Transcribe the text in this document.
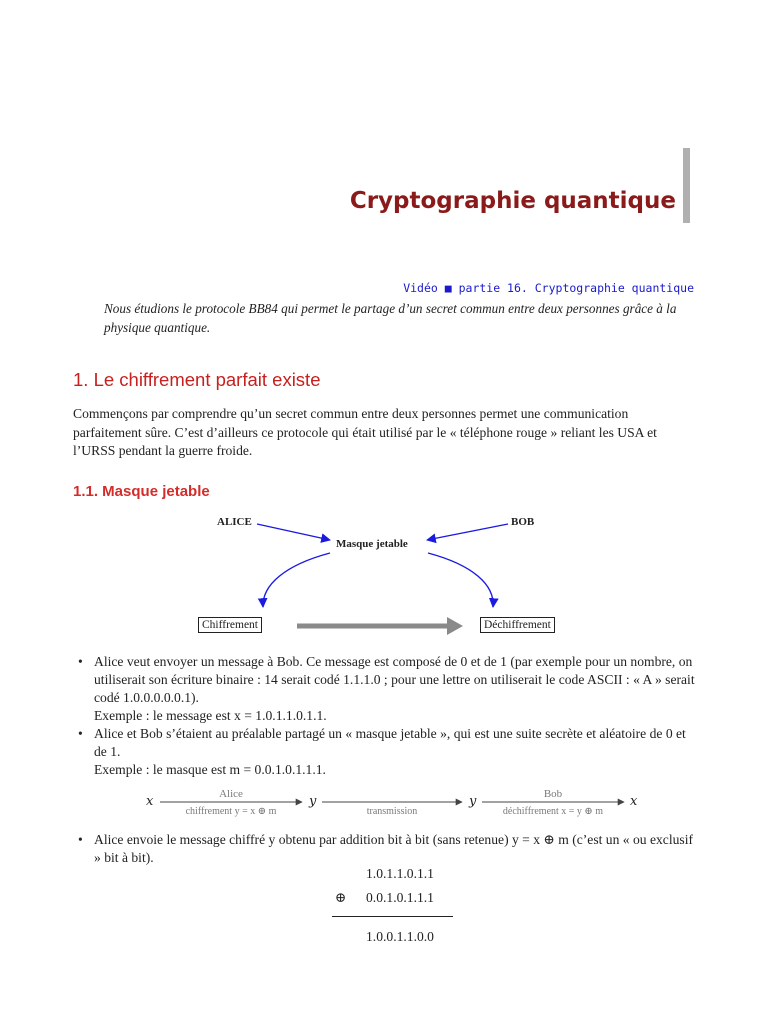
Cryptographie quantique
Vidéo ■ partie 16. Cryptographie quantique
Nous étudions le protocole BB84 qui permet le partage d’un secret commun entre deux personnes grâce à la physique quantique.
1. Le chiffrement parfait existe
Commençons par comprendre qu’un secret commun entre deux personnes permet une communication parfaitement sûre. C’est d’ailleurs ce protocole qui était utilisé par le « téléphone rouge » reliant les USA et l’URSS pendant la guerre froide.
1.1. Masque jetable
ALICE	BOB
Masque jetable
Chiffrement	Déchiffrement
• Alice veut envoyer un message à Bob. Ce message est composé de 0 et de 1 (par exemple pour un nombre, on utiliserait son écriture binaire : 14 serait codé 1.1.1.0 ; pour une lettre on utiliserait le code ASCII : « A » serait codé 1.0.0.0.0.0.1).
Exemple : le message est x = 1.0.1.1.0.1.1.
• Alice et Bob s’étaient au préalable partagé un « masque jetable », qui est une suite secrète et aléatoire de 0 et de 1.
Exemple : le masque est m = 0.0.1.0.1.1.1.
x	y	y	x
Alice
chiffrement y = x ⊕ m	transmission
Bob
déchiffrement x = y ⊕ m
• Alice envoie le message chiffré y obtenu par addition bit à bit (sans retenue) y = x ⊕ m (c’est un « ou exclusif » bit à bit).
1.0.1.1.0.1.1
⊕ 0.0.1.0.1.1.1
1.0.0.1.1.0.0
